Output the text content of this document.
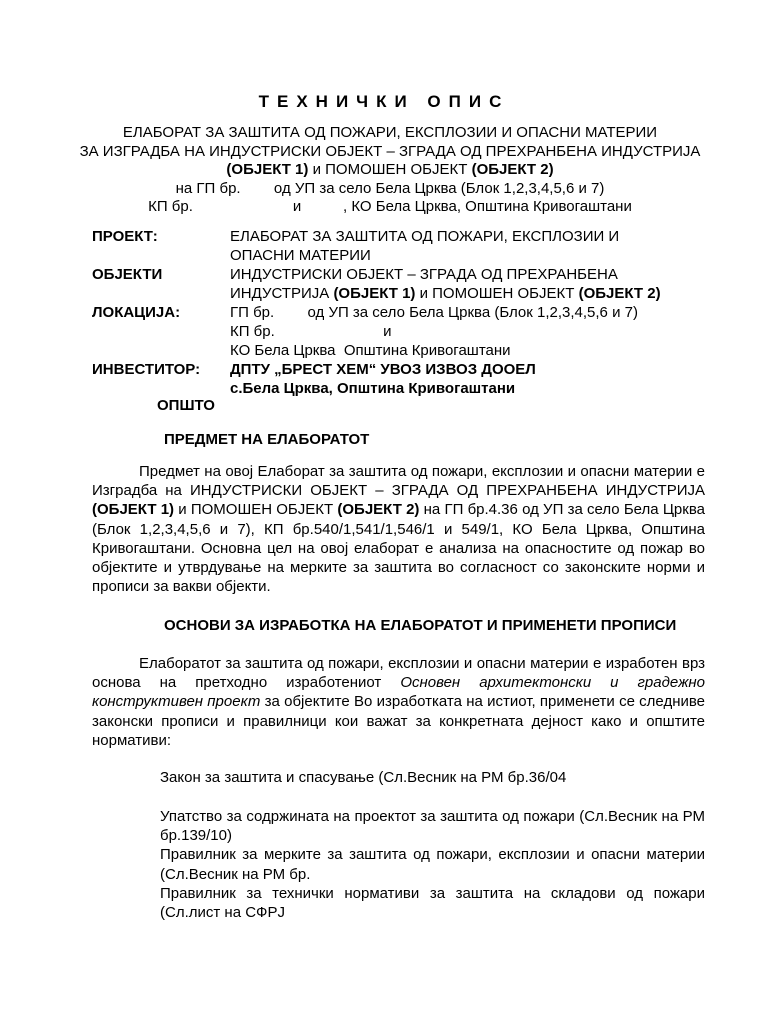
ТЕХНИЧКИ ОПИС
ЕЛАБОРАТ ЗА ЗАШТИТА ОД ПОЖАРИ, ЕКСПЛОЗИИ И ОПАСНИ МАТЕРИИ
ЗА ИЗГРАДБА НА ИНДУСТРИСКИ ОБЈЕКТ – ЗГРАДА ОД ПРЕХРАНБЕНА ИНДУСТРИЈА
(ОБЈЕКТ 1) и ПОМОШЕН ОБЈЕКТ (ОБЈЕКТ 2)
на ГП бр.        од УП за село Бела Црква (Блок 1,2,3,4,5,6 и 7)
КП бр.                        и          , КО Бела Црква, Општина Кривогаштани
ПРОЕКТ:	ЕЛАБОРАТ ЗА ЗАШТИТА ОД ПОЖАРИ, ЕКСПЛОЗИИ И
ОПАСНИ МАТЕРИИ
ОБЈЕКТИ	ИНДУСТРИСКИ ОБЈЕКТ – ЗГРАДА ОД ПРЕХРАНБЕНА
ИНДУСТРИЈА (ОБЈЕКТ 1) и ПОМОШЕН ОБЈЕКТ (ОБЈЕКТ 2)
ЛОКАЦИЈА:	ГП бр.        од УП за село Бела Црква (Блок 1,2,3,4,5,6 и 7)
КП бр.                          и
КО Бела Црква  Општина Кривогаштани
ИНВЕСТИТОР:	ДПТУ „БРЕСТ ХЕМ“ УВОЗ ИЗВОЗ ДООЕЛ
с.Бела Црква, Општина Кривогаштани
ОПШТО
ПРЕДМЕТ НА ЕЛАБОРАТОТ
Предмет на овој Елаборат за заштита од пожари, експлозии и опасни материи е Изградба на ИНДУСТРИСКИ ОБЈЕКТ – ЗГРАДА ОД ПРЕХРАНБЕНА ИНДУСТРИЈА (ОБЈЕКТ 1) и ПОМОШЕН ОБЈЕКТ (ОБЈЕКТ 2) на ГП бр.4.36 од УП за село Бела Црква (Блок 1,2,3,4,5,6 и 7), КП бр.540/1,541/1,546/1 и 549/1, КО Бела Црква, Општина Кривогаштани. Основна цел на овој елаборат е анализа на опасностите од пожар во објектите и утврдување на мерките за заштита во согласност со законските норми и прописи за вакви објекти.
ОСНОВИ ЗА ИЗРАБОТКА НА ЕЛАБОРАТОТ И ПРИМЕНЕТИ ПРОПИСИ
Елаборатот за заштита од пожари, експлозии и опасни материи е изработен врз основа на претходно изработениот Основен архитектонски и градежно конструктивен проект за објектите Во изработката на истиот, применети се следниве законски прописи и правилници кои важат за конкретната дејност како и општите нормативи:

Закон за заштита и спасување (Сл.Весник на РМ бр.36/04

Упатство за содржината на проектот за заштита од пожари (Сл.Весник на РМ бр.139/10)

Правилник за мерките за заштита од пожари, експлозии и опасни материи (Сл.Весник на РМ бр.

Правилник за технички нормативи за заштита на складови од пожари (Сл.лист на СФРЈ
